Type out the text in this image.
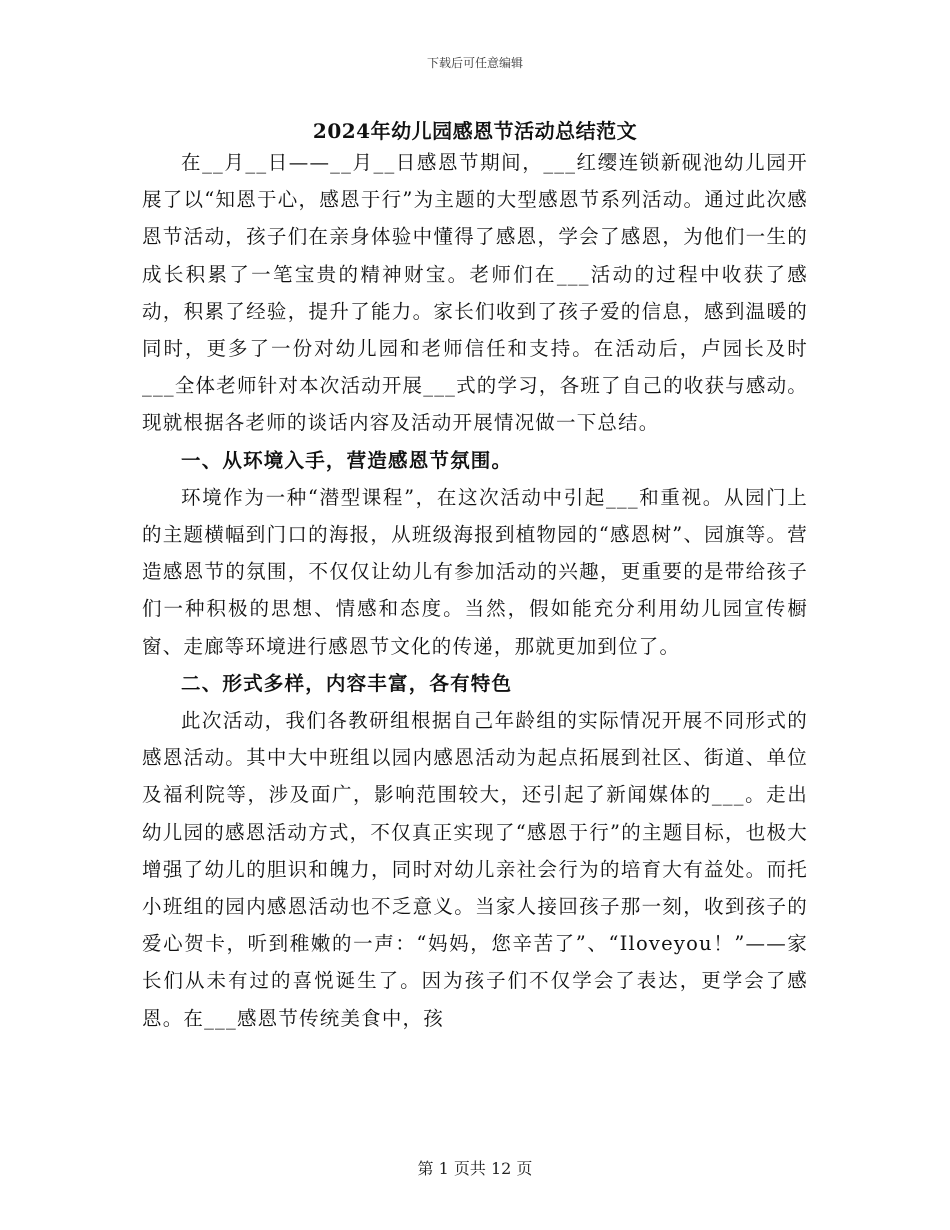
下载后可任意编辑
2024年幼儿园感恩节活动总结范文

在__月__日——__月__日感恩节期间，___红缨连锁新砚池幼儿园开展了以“知恩于心，感恩于行”为主题的大型感恩节系列活动。通过此次感恩节活动，孩子们在亲身体验中懂得了感恩，学会了感恩，为他们一生的成长积累了一笔宝贵的精神财宝。老师们在___活动的过程中收获了感动，积累了经验，提升了能力。家长们收到了孩子爱的信息，感到温暖的同时，更多了一份对幼儿园和老师信任和支持。在活动后，卢园长及时___全体老师针对本次活动开展___式的学习，各班了自己的收获与感动。现就根据各老师的谈话内容及活动开展情况做一下总结。

一、从环境入手，营造感恩节氛围。

环境作为一种“潜型课程”，在这次活动中引起___和重视。从园门上的主题横幅到门口的海报，从班级海报到植物园的“感恩树”、园旗等。营造感恩节的氛围，不仅仅让幼儿有参加活动的兴趣，更重要的是带给孩子们一种积极的思想、情感和态度。当然，假如能充分利用幼儿园宣传橱窗、走廊等环境进行感恩节文化的传递，那就更加到位了。

二、形式多样，内容丰富，各有特色

此次活动，我们各教研组根据自己年龄组的实际情况开展不同形式的感恩活动。其中大中班组以园内感恩活动为起点拓展到社区、街道、单位及福利院等，涉及面广，影响范围较大，还引起了新闻媒体的___。走出幼儿园的感恩活动方式，不仅真正实现了“感恩于行”的主题目标，也极大增强了幼儿的胆识和魄力，同时对幼儿亲社会行为的培育大有益处。而托小班组的园内感恩活动也不乏意义。当家人接回孩子那一刻，收到孩子的爱心贺卡，听到稚嫩的一声：“妈妈，您辛苦了”、“Iloveyou！”——家长们从未有过的喜悦诞生了。因为孩子们不仅学会了表达，更学会了感恩。在___感恩节传统美食中，孩

第 1 页共 12 页
